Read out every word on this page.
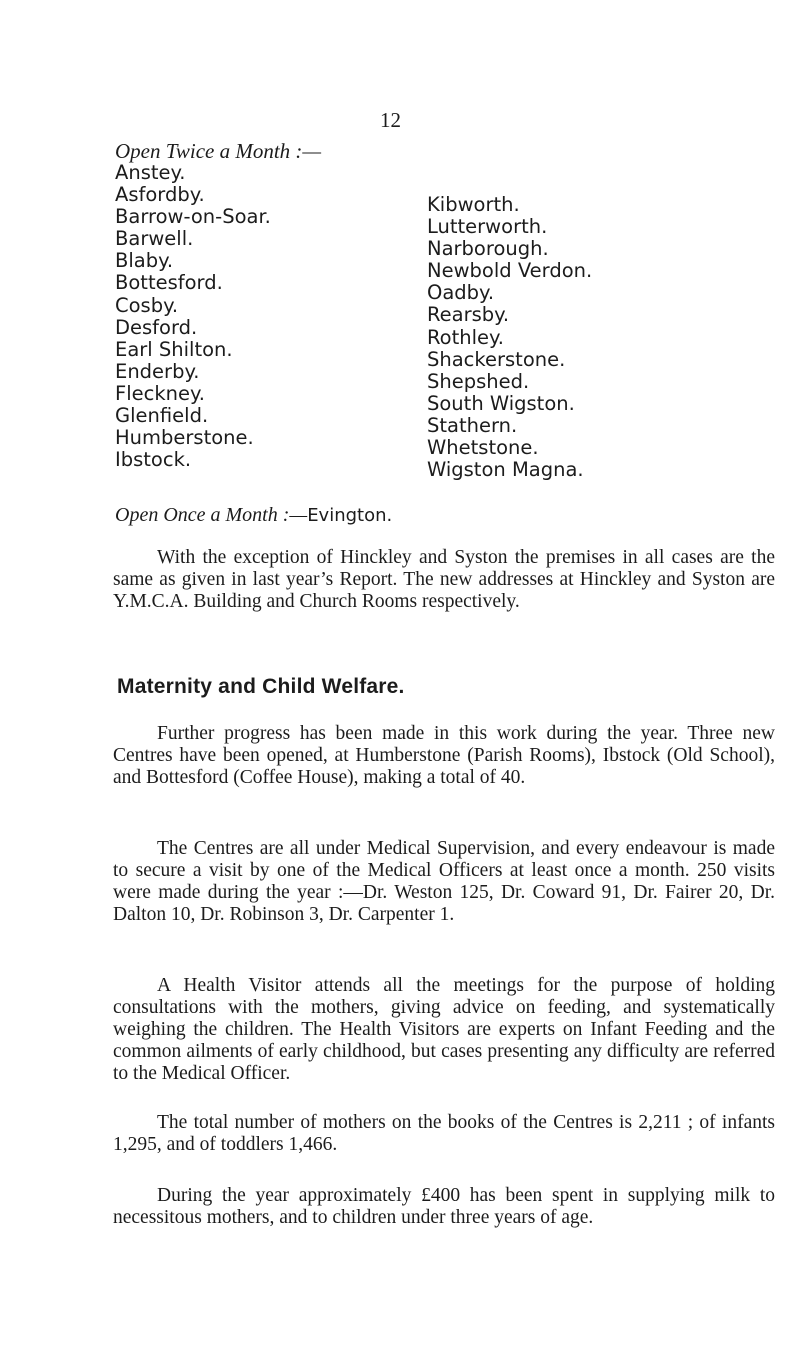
12
Open Twice a Month :—
Anstey.
Asfordby.
Barrow-on-Soar.
Barwell.
Blaby.
Bottesford.
Cosby.
Desford.
Earl Shilton.
Enderby.
Fleckney.
Glenfield.
Humberstone.
Ibstock.
Kibworth.
Lutterworth.
Narborough.
Newbold Verdon.
Oadby.
Rearsby.
Rothley.
Shackerstone.
Shepshed.
South Wigston.
Stathern.
Whetstone.
Wigston Magna.
Open Once a Month :—Evington.

With the exception of Hinckley and Syston the premises in all cases are the same as given in last year’s Report. The new addresses at Hinckley and Syston are Y.M.C.A. Building and Church Rooms respectively.

Maternity and Child Welfare.

Further progress has been made in this work during the year. Three new Centres have been opened, at Humberstone (Parish Rooms), Ibstock (Old School), and Bottesford (Coffee House), making a total of 40.

The Centres are all under Medical Supervision, and every endeavour is made to secure a visit by one of the Medical Officers at least once a month. 250 visits were made during the year :—Dr. Weston 125, Dr. Coward 91, Dr. Fairer 20, Dr. Dalton 10, Dr. Robinson 3, Dr. Carpenter 1.

A Health Visitor attends all the meetings for the purpose of holding consultations with the mothers, giving advice on feeding, and systematically weighing the children. The Health Visitors are experts on Infant Feeding and the common ailments of early childhood, but cases presenting any difficulty are referred to the Medical Officer.

The total number of mothers on the books of the Centres is 2,211 ; of infants 1,295, and of toddlers 1,466.

During the year approximately £400 has been spent in supplying milk to necessitous mothers, and to children under three years of age.
